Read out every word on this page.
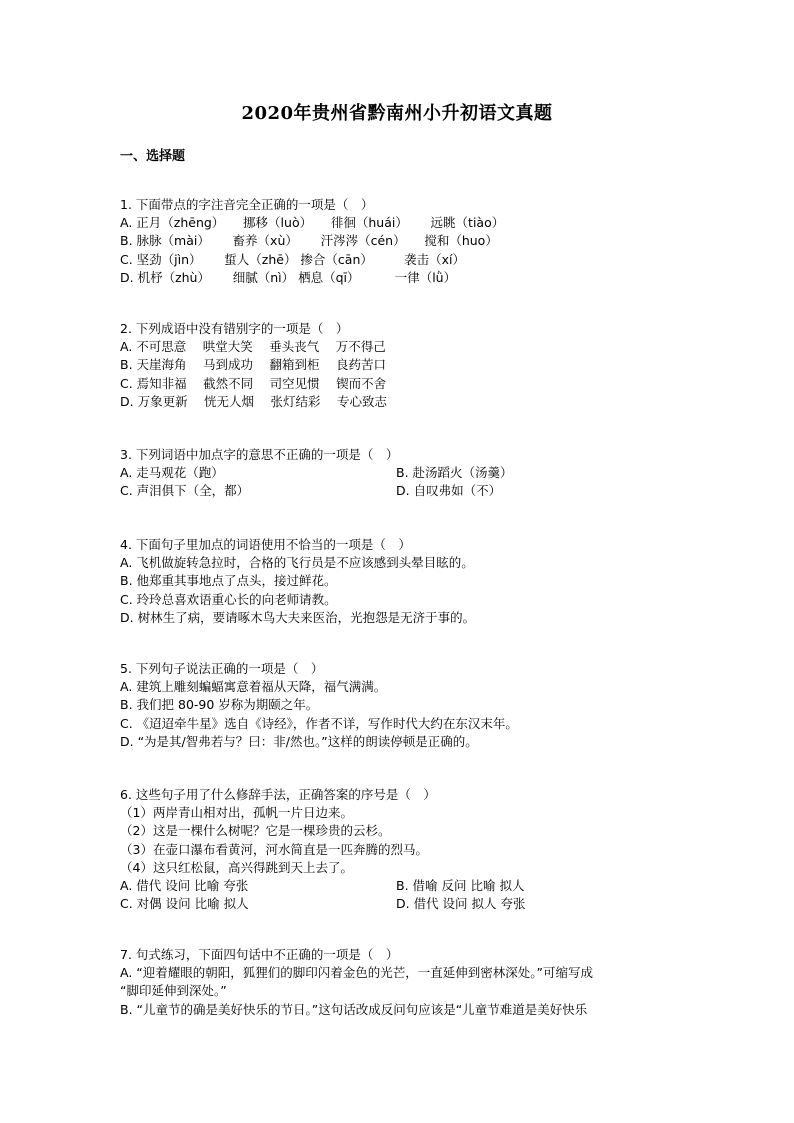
2020年贵州省黔南州小升初语文真题
一、选择题
1. 下面带点的字注音完全正确的一项是（　）
A. 正月（zhēng）　　挪移（luò）　　徘徊（huái）　　 远眺（tiào）
B. 脉脉（mài）　　 畜养（xù）　　 汗涔涔（cén）　　搅和（huo）
C. 坚劲（jìn）　　 蜇人（zhē） 掺合（cān）　　　袭击（xí）
D. 机杼（zhù）　　 细腻（nì） 栖息（qī）　　　 一律（lǜ）
2. 下列成语中没有错别字的一项是（　）
A. 不可思意　 哄堂大笑　 垂头丧气　 万不得己
B. 天崖海角　 马到成功　 翻箱到柜　 良药苦口
C. 焉知非福　 截然不同　 司空见惯　 锲而不舍
D. 万象更新　 恍无人烟　 张灯结彩　 专心致志
3. 下列词语中加点字的意思不正确的一项是（　）
A. 走马观花（跑）	B. 赴汤蹈火（汤羹）
C. 声泪俱下（全，都）	D. 自叹弗如（不）
4. 下面句子里加点的词语使用不恰当的一项是（　）
A. 飞机做旋转急拉时，合格的飞行员是不应该感到头晕目眩的。
B. 他郑重其事地点了点头，接过鲜花。
C. 玲玲总喜欢语重心长的向老师请教。
D. 树林生了病，要请啄木鸟大夫来医治，光抱怨是无济于事的。
5. 下列句子说法正确的一项是（　）
A. 建筑上雕刻蝙蝠寓意着福从天降，福气满满。
B. 我们把 80-90 岁称为期颐之年。
C. 《迢迢牵牛星》选自《诗经》，作者不详，写作时代大约在东汉末年。
D. “为是其/智弗若与？曰：非/然也。”这样的朗读停顿是正确的。
6. 这些句子用了什么修辞手法，正确答案的序号是（　）
（1）两岸青山相对出，孤帆一片日边来。
（2）这是一棵什么树呢？它是一棵珍贵的云杉。
（3）在壶口瀑布看黄河，河水简直是一匹奔腾的烈马。
（4）这只红松鼠，高兴得跳到天上去了。
A. 借代 设问 比喻 夸张	B. 借喻 反问 比喻 拟人
C. 对偶 设问 比喻 拟人	D. 借代 设问 拟人 夸张
7. 句式练习，下面四句话中不正确的一项是（　）
A. “迎着耀眼的朝阳，狐狸们的脚印闪着金色的光芒，一直延伸到密林深处。”可缩写成
“脚印延伸到深处。”
B. “儿童节的确是美好快乐的节日。”这句话改成反问句应该是“儿童节难道是美好快乐
